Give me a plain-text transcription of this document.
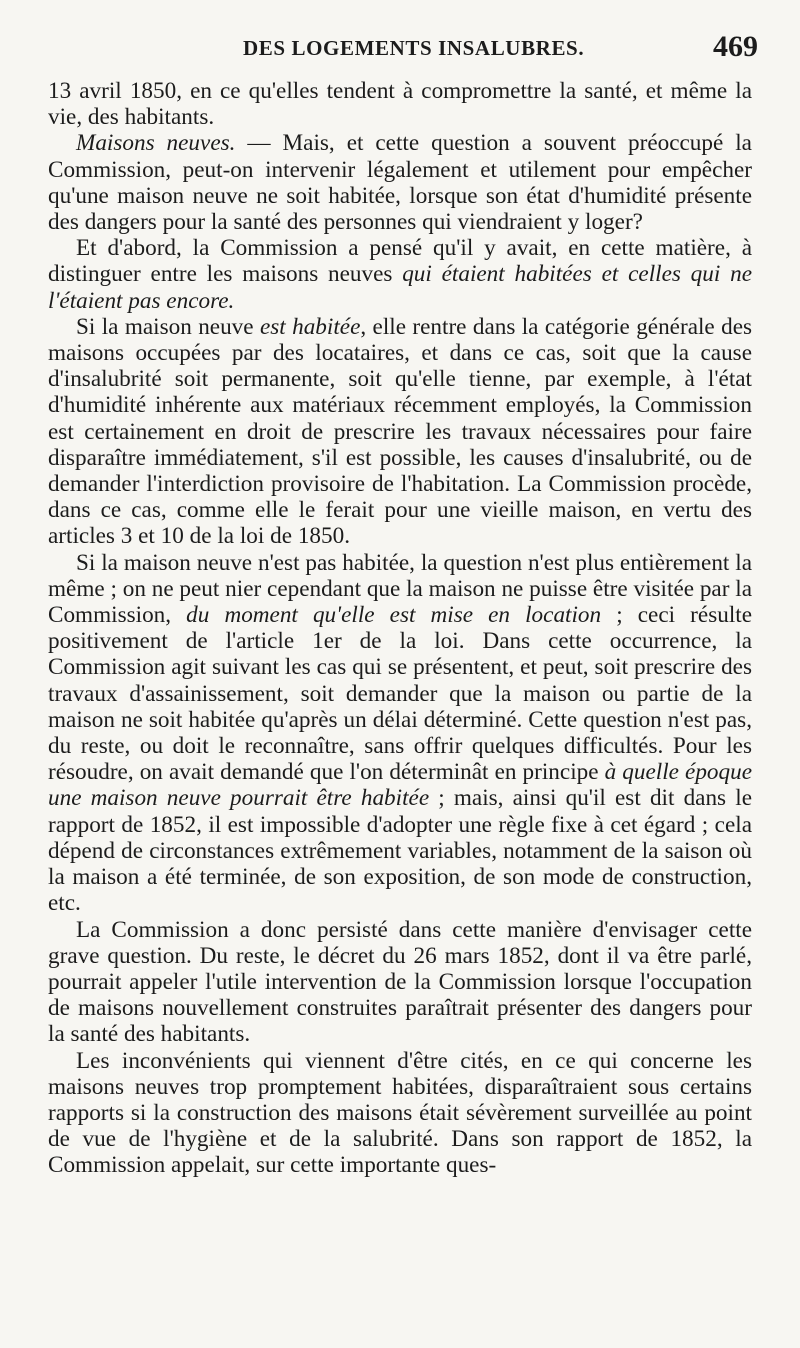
DES LOGEMENTS INSALUBRES.	469

13 avril 1850, en ce qu'elles tendent à compromettre la santé, et même la vie, des habitants.

Maisons neuves. — Mais, et cette question a souvent préoccupé la Commission, peut-on intervenir légalement et utilement pour empêcher qu'une maison neuve ne soit habitée, lorsque son état d'humidité présente des dangers pour la santé des personnes qui viendraient y loger?

Et d'abord, la Commission a pensé qu'il y avait, en cette matière, à distinguer entre les maisons neuves qui étaient habitées et celles qui ne l'étaient pas encore.

Si la maison neuve est habitée, elle rentre dans la catégorie générale des maisons occupées par des locataires, et dans ce cas, soit que la cause d'insalubrité soit permanente, soit qu'elle tienne, par exemple, à l'état d'humidité inhérente aux matériaux récemment employés, la Commission est certainement en droit de prescrire les travaux nécessaires pour faire disparaître immédiatement, s'il est possible, les causes d'insalubrité, ou de demander l'interdiction provisoire de l'habitation. La Commission procède, dans ce cas, comme elle le ferait pour une vieille maison, en vertu des articles 3 et 10 de la loi de 1850.

Si la maison neuve n'est pas habitée, la question n'est plus entièrement la même ; on ne peut nier cependant que la maison ne puisse être visitée par la Commission, du moment qu'elle est mise en location ; ceci résulte positivement de l'article 1er de la loi. Dans cette occurrence, la Commission agit suivant les cas qui se présentent, et peut, soit prescrire des travaux d'assainissement, soit demander que la maison ou partie de la maison ne soit habitée qu'après un délai déterminé. Cette question n'est pas, du reste, ou doit le reconnaître, sans offrir quelques difficultés. Pour les résoudre, on avait demandé que l'on déterminât en principe à quelle époque une maison neuve pourrait être habitée ; mais, ainsi qu'il est dit dans le rapport de 1852, il est impossible d'adopter une règle fixe à cet égard ; cela dépend de circonstances extrêmement variables, notamment de la saison où la maison a été terminée, de son exposition, de son mode de construction, etc.

La Commission a donc persisté dans cette manière d'envisager cette grave question. Du reste, le décret du 26 mars 1852, dont il va être parlé, pourrait appeler l'utile intervention de la Commission lorsque l'occupation de maisons nouvellement construites paraîtrait présenter des dangers pour la santé des habitants.

Les inconvénients qui viennent d'être cités, en ce qui concerne les maisons neuves trop promptement habitées, disparaîtraient sous certains rapports si la construction des maisons était sévèrement surveillée au point de vue de l'hygiène et de la salubrité. Dans son rapport de 1852, la Commission appelait, sur cette importante ques-
